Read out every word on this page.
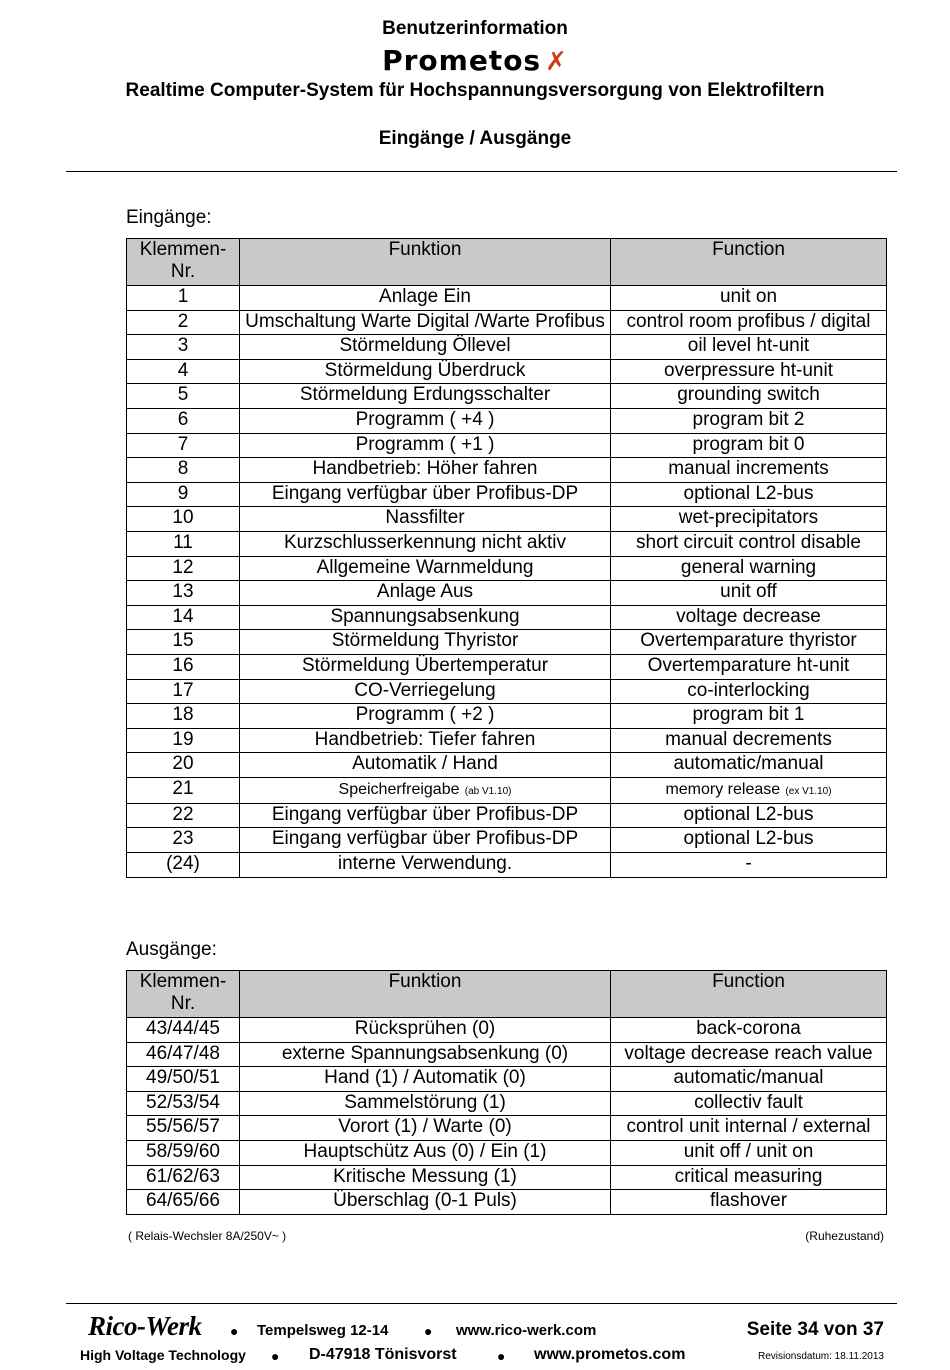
Benutzerinformation
Prometos ✗
Realtime Computer-System für Hochspannungsversorgung von Elektrofiltern
Eingänge / Ausgänge
Eingänge:
Klemmen-Nr.	Funktion	Function
1	Anlage Ein	unit on
2	Umschaltung Warte Digital /Warte Profibus	control room profibus / digital
3	Störmeldung Öllevel	oil level ht-unit
4	Störmeldung Überdruck	overpressure ht-unit
5	Störmeldung Erdungsschalter	grounding switch
6	Programm ( +4 )	program bit 2
7	Programm ( +1 )	program bit 0
8	Handbetrieb: Höher fahren	manual increments
9	Eingang verfügbar über Profibus-DP	optional L2-bus
10	Nassfilter	wet-precipitators
11	Kurzschlusserkennung nicht aktiv	short circuit control disable
12	Allgemeine Warnmeldung	general warning
13	Anlage Aus	unit off
14	Spannungsabsenkung	voltage decrease
15	Störmeldung Thyristor	Overtemparature thyristor
16	Störmeldung Übertemperatur	Overtemparature ht-unit
17	CO-Verriegelung	co-interlocking
18	Programm ( +2 )	program bit 1
19	Handbetrieb: Tiefer fahren	manual decrements
20	Automatik / Hand	automatic/manual
21	Speicherfreigabe (ab V1.10)	memory release (ex V1.10)
22	Eingang verfügbar über Profibus-DP	optional L2-bus
23	Eingang verfügbar über Profibus-DP	optional L2-bus
(24)	interne Verwendung.	-
Ausgänge:
Klemmen-Nr.	Funktion	Function
43/44/45	Rücksprühen (0)	back-corona
46/47/48	externe Spannungsabsenkung (0)	voltage decrease reach value
49/50/51	Hand (1) / Automatik (0)	automatic/manual
52/53/54	Sammelstörung (1)	collectiv fault
55/56/57	Vorort (1) / Warte (0)	control unit internal / external
58/59/60	Hauptschütz Aus (0) / Ein (1)	unit off / unit on
61/62/63	Kritische Messung (1)	critical measuring
64/65/66	Überschlag (0-1 Puls)	flashover
( Relais-Wechsler 8A/250V~ )	(Ruhezustand)
Rico-Werk ● Tempelsweg 12-14	● www.rico-werk.com	Seite 34 von 37
High Voltage Technology ● D-47918 Tönisvorst	● www.prometos.com	Revisionsdatum: 18.11.2013
